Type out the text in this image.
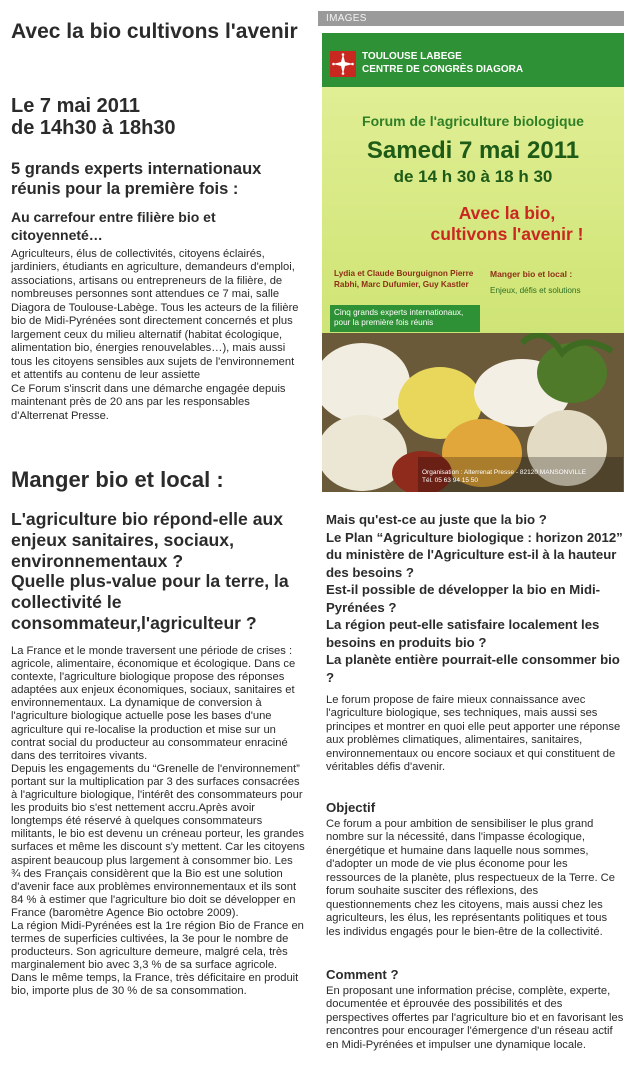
Avec la bio cultivons l'avenir
Le 7 mai 2011
de 14h30 à 18h30
5 grands experts internationaux réunis pour la première fois :
Au carrefour entre filière bio et citoyenneté…
Agriculteurs, élus de collectivités, citoyens éclairés, jardiniers, étudiants en agriculture, demandeurs d'emploi, associations, artisans ou entrepreneurs de la filière, de nombreuses personnes sont attendues ce 7 mai, salle Diagora de Toulouse-Labège. Tous les acteurs de la filière bio de Midi-Pyrénées sont directement concernés et plus largement ceux du milieu alternatif (habitat écologique, alimentation bio, énergies renouvelables…), mais aussi tous les citoyens sensibles aux sujets de l'environnement et attentifs au contenu de leur assiette
Ce Forum s'inscrit dans une démarche engagée depuis maintenant près de 20 ans par les responsables d'Alterrenat Presse.
Manger bio et local :
L'agriculture bio répond-elle aux enjeux sanitaires, sociaux, environnementaux ?
Quelle plus-value pour la terre, la collectivité le consommateur,l'agriculteur ?
La France et le monde traversent une période de crises : agricole, alimentaire, économique et écologique. Dans ce contexte, l'agriculture biologique propose des réponses adaptées aux enjeux économiques, sociaux, sanitaires et environnementaux. La dynamique de conversion à l'agriculture biologique actuelle pose les bases d'une agriculture qui re-localise la production et mise sur un contrat social du producteur au consommateur enraciné dans des territoires vivants.
Depuis les engagements du “Grenelle de l'environnement” portant sur la multiplication par 3 des surfaces consacrées à l'agriculture biologique, l'intérêt des consommateurs pour les produits bio s'est nettement accru.Après avoir longtemps été réservé à quelques consommateurs militants, le bio est devenu un créneau porteur, les grandes surfaces et même les discount s'y mettent. Car les citoyens aspirent beaucoup plus largement à consommer bio. Les ¾ des Français considèrent que la Bio est une solution d'avenir face aux problèmes environnementaux et ils sont 84 % à estimer que l'agriculture bio doit se développer en France (baromètre Agence Bio octobre 2009).
La région Midi-Pyrénées est la 1re région Bio de France en termes de superficies cultivées, la 3e pour le nombre de producteurs. Son agriculture demeure, malgré cela, très marginalement bio avec 3,3 % de sa surface agricole. Dans le même temps, la France, très déficitaire en produit bio, importe plus de 30 % de sa consommation.
IMAGES
TOULOUSE LABEGE
CENTRE DE CONGRÈS DIAGORA
Forum de l'agriculture biologique
Samedi 7 mai 2011
de 14 h 30 à 18 h 30
Avec la bio,
cultivons l'avenir !
Lydia et Claude Bourguignon Pierre Rabhi, Marc Dufumier, Guy Kastler
Cinq grands experts internationaux, pour la première fois réunis
Manger bio et local :
Enjeux, défis et solutions
Organisation : Alterrenat Presse - 82120 MANSONVILLE
Tél. 05 63 94 15 50
Mais qu'est-ce au juste que la bio ?
Le Plan “Agriculture biologique : horizon 2012” du ministère de l'Agriculture est-il à la hauteur des besoins ?
Est-il possible de développer la bio en Midi-Pyrénées ?
La région peut-elle satisfaire localement les besoins en produits bio ?
La planète entière pourrait-elle consommer bio ?
Le forum propose de faire mieux connaissance avec l'agriculture biologique, ses techniques, mais aussi ses principes et montrer en quoi elle peut apporter une réponse aux problèmes climatiques, alimentaires, sanitaires, environnementaux ou encore sociaux et qui constituent de véritables défis d'avenir.
Objectif
Ce forum a pour ambition de sensibiliser le plus grand nombre sur la nécessité, dans l'impasse écologique, énergétique et humaine dans laquelle nous sommes, d'adopter un mode de vie plus économe pour les ressources de la planète, plus respectueux de la Terre. Ce forum souhaite susciter des réflexions, des questionnements chez les citoyens, mais aussi chez les agriculteurs, les élus, les représentants politiques et tous les individus engagés pour le bien-être de la collectivité.
Comment ?
En proposant une information précise, complète, experte, documentée et éprouvée des possibilités et des perspectives offertes par l'agriculture bio et en favorisant les rencontres pour encourager l'émergence d'un réseau actif en Midi-Pyrénées et impulser une dynamique locale.
